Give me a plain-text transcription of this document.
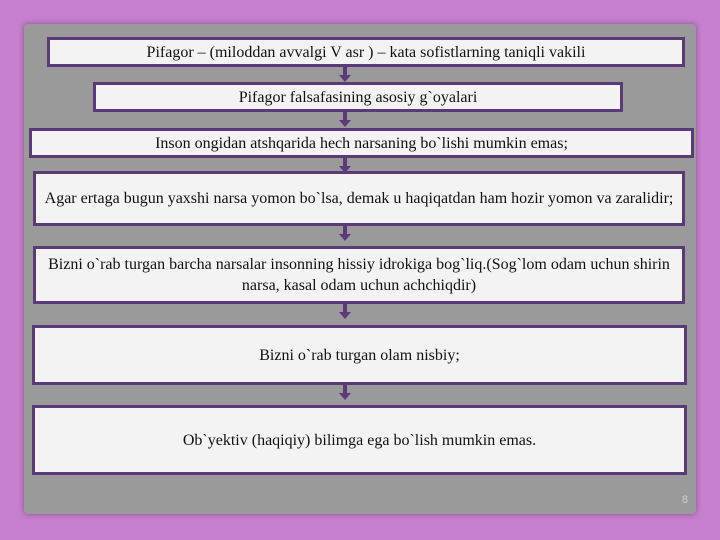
Pifagor – (miloddan avvalgi V asr ) – kata sofistlarning taniqli vakili
Pifagor falsafasining asosiy g`oyalari
Inson ongidan atshqarida hech narsaning bo`lishi mumkin emas;
Agar ertaga bugun yaxshi narsa yomon bo`lsa, demak u haqiqatdan ham hozir yomon va zaralidir;
Bizni o`rab turgan barcha narsalar insonning hissiy idrokiga bog`liq.(Sog`lom odam uchun shirin narsa, kasal odam uchun achchiqdir)
Bizni o`rab turgan olam nisbiy;
Ob`yektiv (haqiqiy) bilimga ega bo`lish mumkin emas.
8
